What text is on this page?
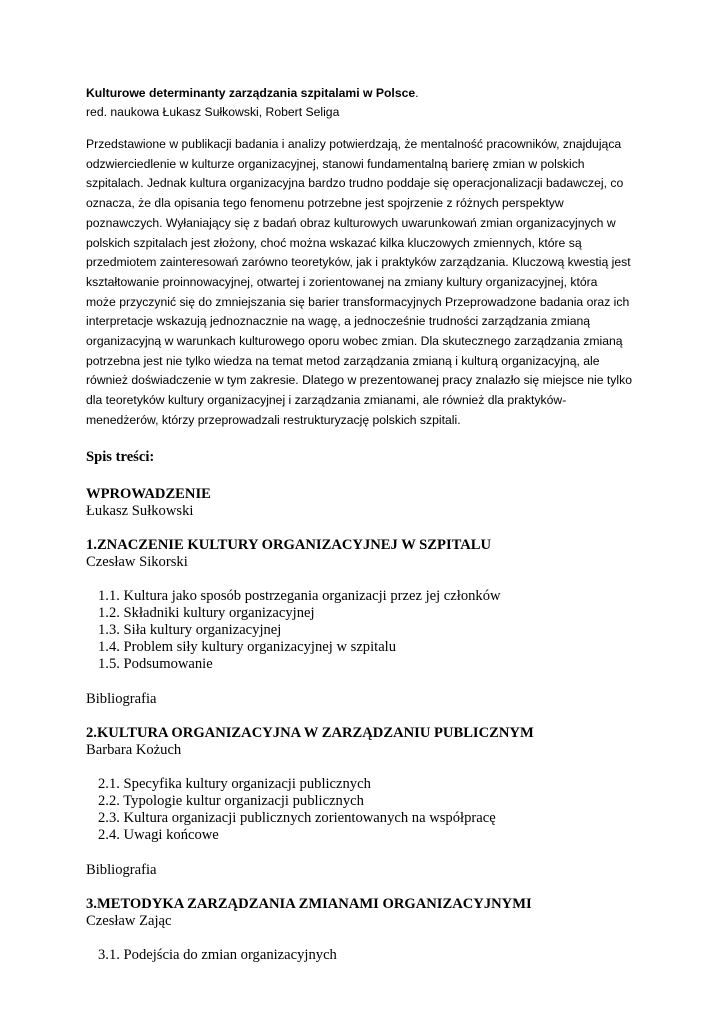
Kulturowe determinanty zarządzania szpitalami w Polsce.

red. naukowa Łukasz Sułkowski, Robert Seliga

Przedstawione w publikacji badania i analizy potwierdzają, że mentalność pracowników, znajdująca
odzwierciedlenie w kulturze organizacyjnej, stanowi fundamentalną barierę zmian w polskich
szpitalach. Jednak kultura organizacyjna bardzo trudno poddaje się operacjonalizacji badawczej, co
oznacza, że dla opisania tego fenomenu potrzebne jest spojrzenie z różnych perspektyw
poznawczych. Wyłaniający się z badań obraz kulturowych uwarunkowań zmian organizacyjnych w
polskich szpitalach jest złożony, choć można wskazać kilka kluczowych zmiennych, które są
przedmiotem zainteresowań zarówno teoretyków, jak i praktyków zarządzania. Kluczową kwestią jest
kształtowanie proinnowacyjnej, otwartej i zorientowanej na zmiany kultury organizacyjnej, która
może przyczynić się do zmniejszania się barier transformacyjnych Przeprowadzone badania oraz ich
interpretacje wskazują jednoznacznie na wagę, a jednocześnie trudności zarządzania zmianą
organizacyjną w warunkach kulturowego oporu wobec zmian. Dla skutecznego zarządzania zmianą
potrzebna jest nie tylko wiedza na temat metod zarządzania zmianą i kulturą organizacyjną, ale
również doświadczenie w tym zakresie. Dlatego w prezentowanej pracy znalazło się miejsce nie tylko
dla teoretyków kultury organizacyjnej i zarządzania zmianami, ale również dla praktyków-
menedżerów, którzy przeprowadzali restrukturyzację polskich szpitali.

Spis treści:

WPROWADZENIE

Łukasz Sułkowski

1.ZNACZENIE KULTURY ORGANIZACYJNEJ W SZPITALU

Czesław Sikorski

1.1. Kultura jako sposób postrzegania organizacji przez jej członków
1.2. Składniki kultury organizacyjnej
1.3. Siła kultury organizacyjnej
1.4. Problem siły kultury organizacyjnej w szpitalu
1.5. Podsumowanie

Bibliografia

2.KULTURA ORGANIZACYJNA W ZARZĄDZANIU PUBLICZNYM

Barbara Kożuch

2.1. Specyfika kultury organizacji publicznych
2.2. Typologie kultur organizacji publicznych
2.3. Kultura organizacji publicznych zorientowanych na współpracę
2.4. Uwagi końcowe

Bibliografia

3.METODYKA ZARZĄDZANIA ZMIANAMI ORGANIZACYJNYMI

Czesław Zając

3.1. Podejścia do zmian organizacyjnych
